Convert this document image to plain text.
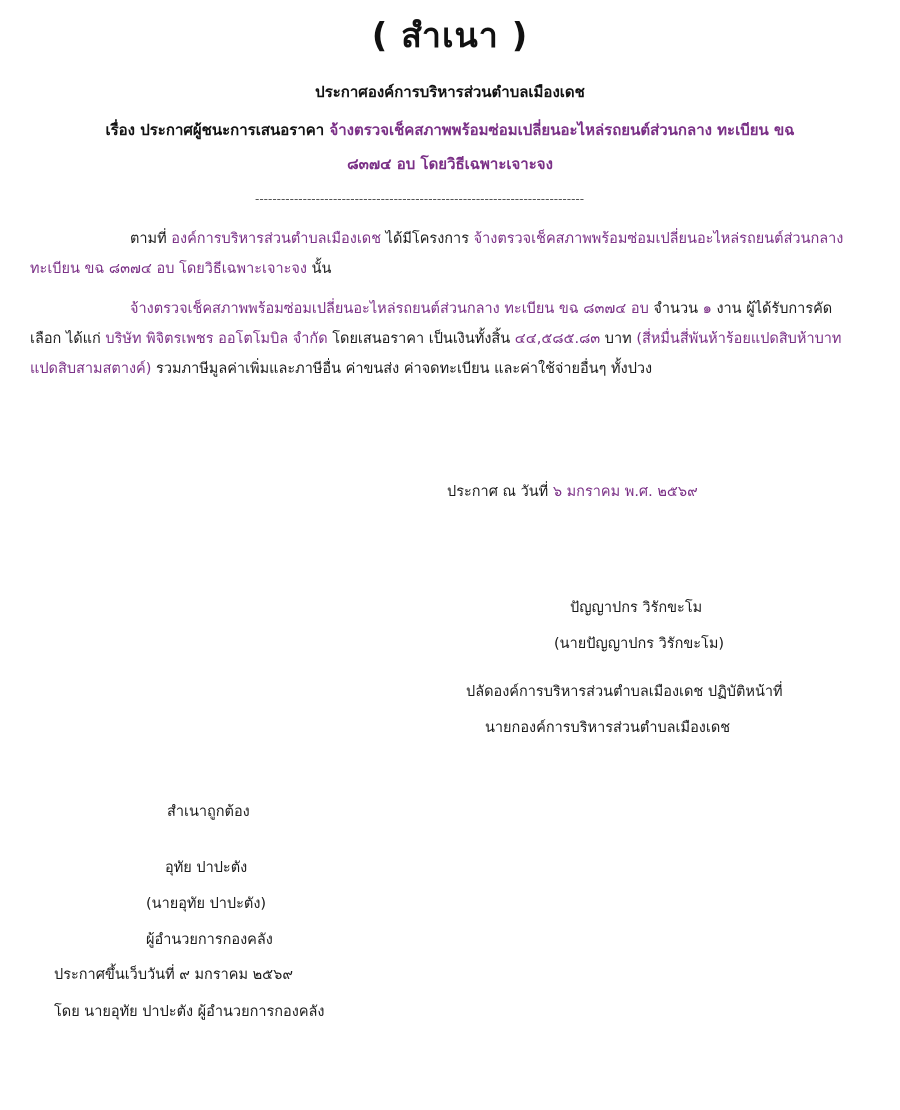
( สำเนา )
ประกาศองค์การบริหารส่วนตำบลเมืองเดช
เรื่อง ประกาศผู้ชนะการเสนอราคา จ้างตรวจเช็คสภาพพร้อมซ่อมเปลี่ยนอะไหล่รถยนต์ส่วนกลาง ทะเบียน ขฉ
๘๓๗๔ อบ โดยวิธีเฉพาะเจาะจง
----------------------------------------------------------------------------
ตามที่ องค์การบริหารส่วนตำบลเมืองเดช ได้มีโครงการ จ้างตรวจเช็คสภาพพร้อมซ่อมเปลี่ยนอะไหล่รถยนต์ส่วนกลาง ทะเบียน ขฉ ๘๓๗๔ อบ โดยวิธีเฉพาะเจาะจง นั้น
จ้างตรวจเช็คสภาพพร้อมซ่อมเปลี่ยนอะไหล่รถยนต์ส่วนกลาง ทะเบียน ขฉ ๘๓๗๔ อบ จำนวน ๑ งาน ผู้ได้รับการคัดเลือก ได้แก่ บริษัท พิจิตรเพชร ออโตโมบิล จำกัด โดยเสนอราคา เป็นเงินทั้งสิ้น ๔๔,๕๘๕.๘๓ บาท (สี่หมื่นสี่พันห้าร้อยแปดสิบห้าบาทแปดสิบสามสตางค์) รวมภาษีมูลค่าเพิ่มและภาษีอื่น ค่าขนส่ง ค่าจดทะเบียน และค่าใช้จ่ายอื่นๆ ทั้งปวง
ประกาศ ณ วันที่ ๖ มกราคม พ.ศ. ๒๕๖๙
ปัญญาปกร วิรักขะโม
(นายปัญญาปกร วิรักขะโม)
ปลัดองค์การบริหารส่วนตำบลเมืองเดช ปฏิบัติหน้าที่
นายกองค์การบริหารส่วนตำบลเมืองเดช
สำเนาถูกต้อง
อุทัย ปาปะตัง
(นายอุทัย ปาปะตัง)
ผู้อำนวยการกองคลัง
ประกาศขึ้นเว็บวันที่ ๙ มกราคม ๒๕๖๙
โดย นายอุทัย ปาปะตัง ผู้อำนวยการกองคลัง
